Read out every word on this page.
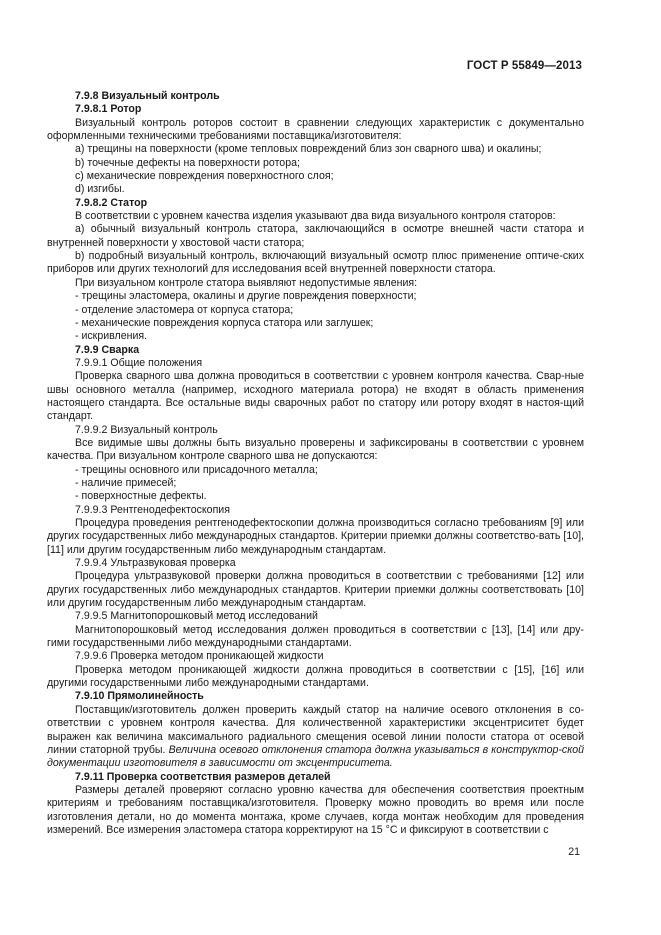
ГОСТ Р 55849—2013

7.9.8 Визуальный контроль

7.9.8.1 Ротор

Визуальный контроль роторов состоит в сравнении следующих характеристик с документально оформленными техническими требованиями поставщика/изготовителя:

a) трещины на поверхности (кроме тепловых повреждений близ зон сварного шва) и окалины;

b) точечные дефекты на поверхности ротора;

c) механические повреждения поверхностного слоя;

d) изгибы.

7.9.8.2 Статор

В соответствии с уровнем качества изделия указывают два вида визуального контроля статоров:

a) обычный визуальный контроль статора, заключающийся в осмотре внешней части статора и внутренней поверхности у хвостовой части статора;

b) подробный визуальный контроль, включающий визуальный осмотр плюс применение оптиче-ских приборов или других технологий для исследования всей внутренней поверхности статора.

При визуальном контроле статора выявляют недопустимые явления:

- трещины эластомера, окалины и другие повреждения поверхности;

- отделение эластомера от корпуса статора;

- механические повреждения корпуса статора или заглушек;

- искривления.

7.9.9 Сварка

7.9.9.1 Общие положения

Проверка сварного шва должна проводиться в соответствии с уровнем контроля качества. Свар-ные швы основного металла (например, исходного материала ротора) не входят в область применения настоящего стандарта. Все остальные виды сварочных работ по статору или ротору входят в настоя-щий стандарт.

7.9.9.2 Визуальный контроль

Все видимые швы должны быть визуально проверены и зафиксированы в соответствии с уровнем качества. При визуальном контроле сварного шва не допускаются:

- трещины основного или присадочного металла;

- наличие примесей;

- поверхностные дефекты.

7.9.9.3 Рентгенодефектоскопия

Процедура проведения рентгенодефектоскопии должна производиться согласно требованиям [9] или других государственных либо международных стандартов. Критерии приемки должны соответство-вать [10], [11] или другим государственным либо международным стандартам.

7.9.9.4 Ультразвуковая проверка

Процедура ультразвуковой проверки должна проводиться в соответствии с требованиями [12] или других государственных либо международных стандартов. Критерии приемки должны соответствовать [10] или другим государственным либо международным стандартам.

7.9.9.5 Магнитопорошковый метод исследований

Магнитопорошковый метод исследования должен проводиться в соответствии с [13], [14] или дру-гими государственными либо международными стандартами.

7.9.9.6 Проверка методом проникающей жидкости

Проверка методом проникающей жидкости должна проводиться в соответствии с [15], [16] или другими государственными либо международными стандартами.

7.9.10 Прямолинейность

Поставщик/изготовитель должен проверить каждый статор на наличие осевого отклонения в со-ответствии с уровнем контроля качества. Для количественной характеристики эксцентриситет будет выражен как величина максимального радиального смещения осевой линии полости статора от осевой линии статорной трубы. Величина осевого отклонения статора должна указываться в конструктор-ской документации изготовителя в зависимости от эксцентриситета.

7.9.11 Проверка соответствия размеров деталей

Размеры деталей проверяют согласно уровню качества для обеспечения соответствия проектным критериям и требованиям поставщика/изготовителя. Проверку можно проводить во время или после изготовления детали, но до момента монтажа, кроме случаев, когда монтаж необходим для проведения измерений. Все измерения эластомера статора корректируют на 15 °С и фиксируют в соответствии с

21
